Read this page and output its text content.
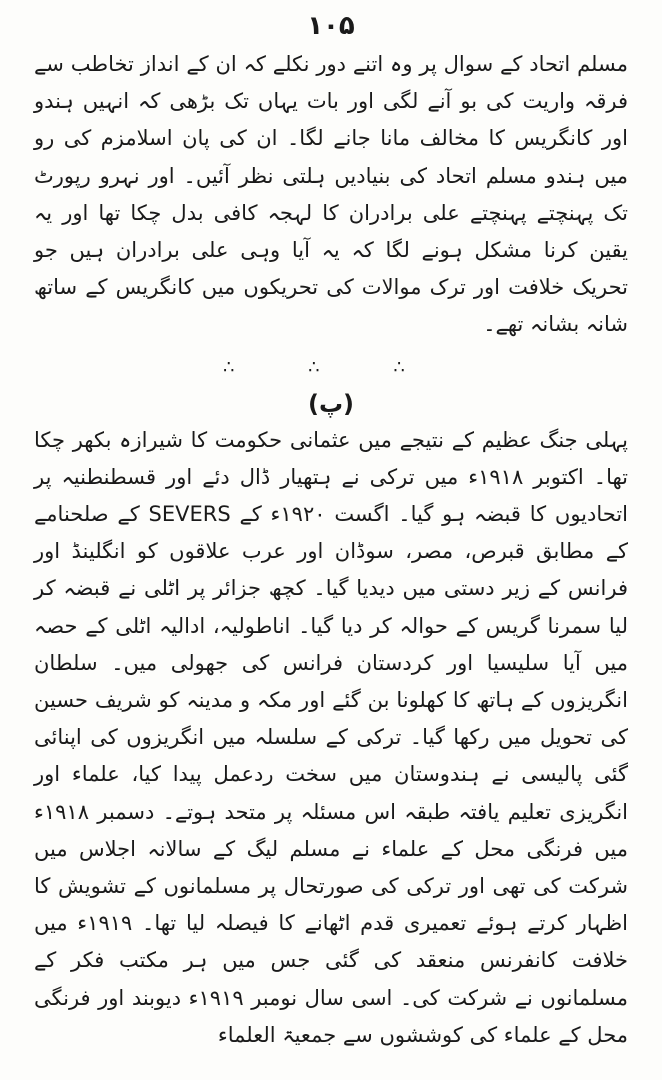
۱۰۵

مسلم اتحاد کے سوال پر وہ اتنے دور نکلے کہ ان کے انداز تخاطب سے فرقہ واریت کی بو آنے لگی اور بات یہاں تک بڑھی کہ انہیں ہندو اور کانگریس کا مخالف مانا جانے لگا۔ ان کی پان اسلامزم کی رو میں ہندو مسلم اتحاد کی بنیادیں ہلتی نظر آئیں۔ اور نہرو رپورٹ تک پہنچتے پہنچتے علی برادران کا لہجہ کافی بدل چکا تھا اور یہ یقین کرنا مشکل ہونے لگا کہ یہ آیا وہی علی برادران ہیں جو تحریک خلافت اور ترک موالات کی تحریکوں میں کانگریس کے ساتھ شانہ بشانہ تھے۔

∴ ∴ ∴
(پ)

پہلی جنگ عظیم کے نتیجے میں عثمانی حکومت کا شیرازہ بکھر چکا تھا۔ اکتوبر ۱۹۱۸ء میں ترکی نے ہتھیار ڈال دئے اور قسطنطنیہ پر اتحادیوں کا قبضہ ہو گیا۔ اگست ۱۹۲۰ء کے SEVERS کے صلحنامے کے مطابق قبرص، مصر، سوڈان اور عرب علاقوں کو انگلینڈ اور فرانس کے زیر دستی میں دیدیا گیا۔ کچھ جزائر پر اٹلی نے قبضہ کر لیا سمرنا گریس کے حوالہ کر دیا گیا۔ اناطولیہ، ادالیہ اٹلی کے حصہ میں آیا سلیسیا اور کردستان فرانس کی جھولی میں۔ سلطان انگریزوں کے ہاتھ کا کھلونا بن گئے اور مکہ و مدینہ کو شریف حسین کی تحویل میں رکھا گیا۔ ترکی کے سلسلہ میں انگریزوں کی اپنائی گئی پالیسی نے ہندوستان میں سخت ردعمل پیدا کیا، علماء اور انگریزی تعلیم یافتہ طبقہ اس مسئلہ پر متحد ہوتے۔ دسمبر ۱۹۱۸ء میں فرنگی محل کے علماء نے مسلم لیگ کے سالانہ اجلاس میں شرکت کی تھی اور ترکی کی صورتحال پر مسلمانوں کے تشویش کا اظہار کرتے ہوئے تعمیری قدم اٹھانے کا فیصلہ لیا تھا۔ ۱۹۱۹ء میں خلافت کانفرنس منعقد کی گئی جس میں ہر مکتب فکر کے مسلمانوں نے شرکت کی۔ اسی سال نومبر ۱۹۱۹ء دیوبند اور فرنگی محل کے علماء کی کوششوں سے جمعیۃ العلماء
